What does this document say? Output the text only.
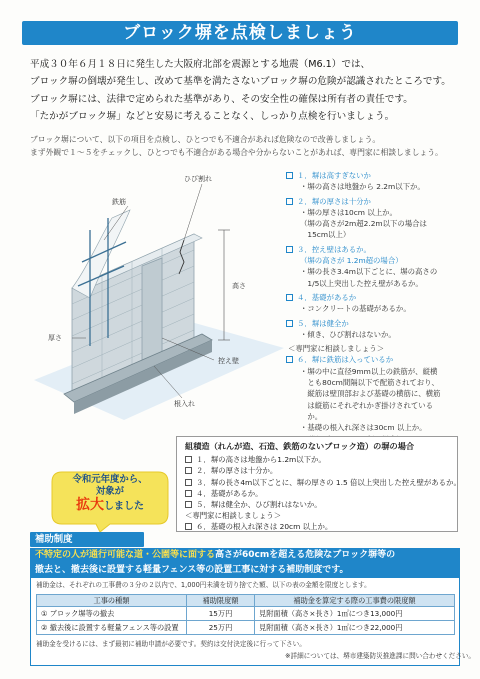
ブロック塀を点検しましょう

平成３０年６月１８日に発生した大阪府北部を震源とする地震（M6.1）では、

ブロック塀の倒壊が発生し、改めて基準を満たさないブロック塀の危険が認識されたところです。

ブロック塀には、法律で定められた基準があり、その安全性の確保は所有者の責任です。

「たかがブロック塀」などと安易に考えることなく、しっかり点検を行いましょう。

ブロック塀について、以下の項目を点検し、ひとつでも不適合があれば危険なので改善しましょう。

まず外観で１～５をチェックし、ひとつでも不適合がある場合や分からないことがあれば、専門家に相談しましょう。

ひび割れ
鉄筋
高さ
厚さ
控え壁
根入れ
１．塀は高すぎないか
・塀の高さは地盤から 2.2m以下か。
２．塀の厚さは十分か
・塀の厚さは10cm 以上か。
（塀の高さが2m超2.2m以下の場合は
　15cm以上）
３．控え壁はあるか。
（塀の高さが 1.2m超の場合）
・塀の長さ3.4m以下ごとに、塀の高さの
　1/5以上突出した控え壁があるか。
４．基礎があるか
・コンクリートの基礎があるか。
５．塀は健全か
・傾き、ひび割れはないか。
＜専門家に相談しましょう＞
６．塀に鉄筋は入っているか
・塀の中に直径9mm以上の鉄筋が、縦横
　とも80cm間隔以下で配筋されており、
　縦筋は壁頂部および基礎の横筋に、横筋
　は縦筋にそれぞれかぎ掛けされている
　か。
・基礎の根入れ深さは30cm 以上か。
組積造（れんが造、石造、鉄筋のないブロック造）の塀の場合
１．塀の高さは地盤から1.2m以下か。
２．塀の厚さは十分か。
３．塀の長さ4m以下ごとに、塀の厚さの 1.5 倍以上突出した控え壁があるか。
４．基礎があるか。
５．塀は健全か、ひび割れはないか。
＜専門家に相談しましょう＞
６．基礎の根入れ深さは 20cm 以上か。
令和元年度から、
対象が
拡大しました
補助制度

不特定の人が通行可能な道・公園等に面する高さが60cmを超える危険なブロック塀等の

撤去と、撤去後に設置する軽量フェンス等の設置工事に対する補助制度です。

補助金は、それぞれの工事費の３分の２以内で、1,000円未満を切り捨てた額、以下の表の金額を限度とします。
工事の種類	補助限度額	補助金を算定する際の工事費の限度額
① ブロック塀等の撤去	15万円	見附面積（高さ×長さ）1㎡につき13,000円
② 撤去後に設置する軽量フェンス等の設置	25万円	見附面積（高さ×長さ）1㎡につき22,000円
補助金を受けるには、まず最初に補助申請が必要です。契約は交付決定後に行って下さい。
※詳細については、堺市建築防災推進課に問い合わせください。
